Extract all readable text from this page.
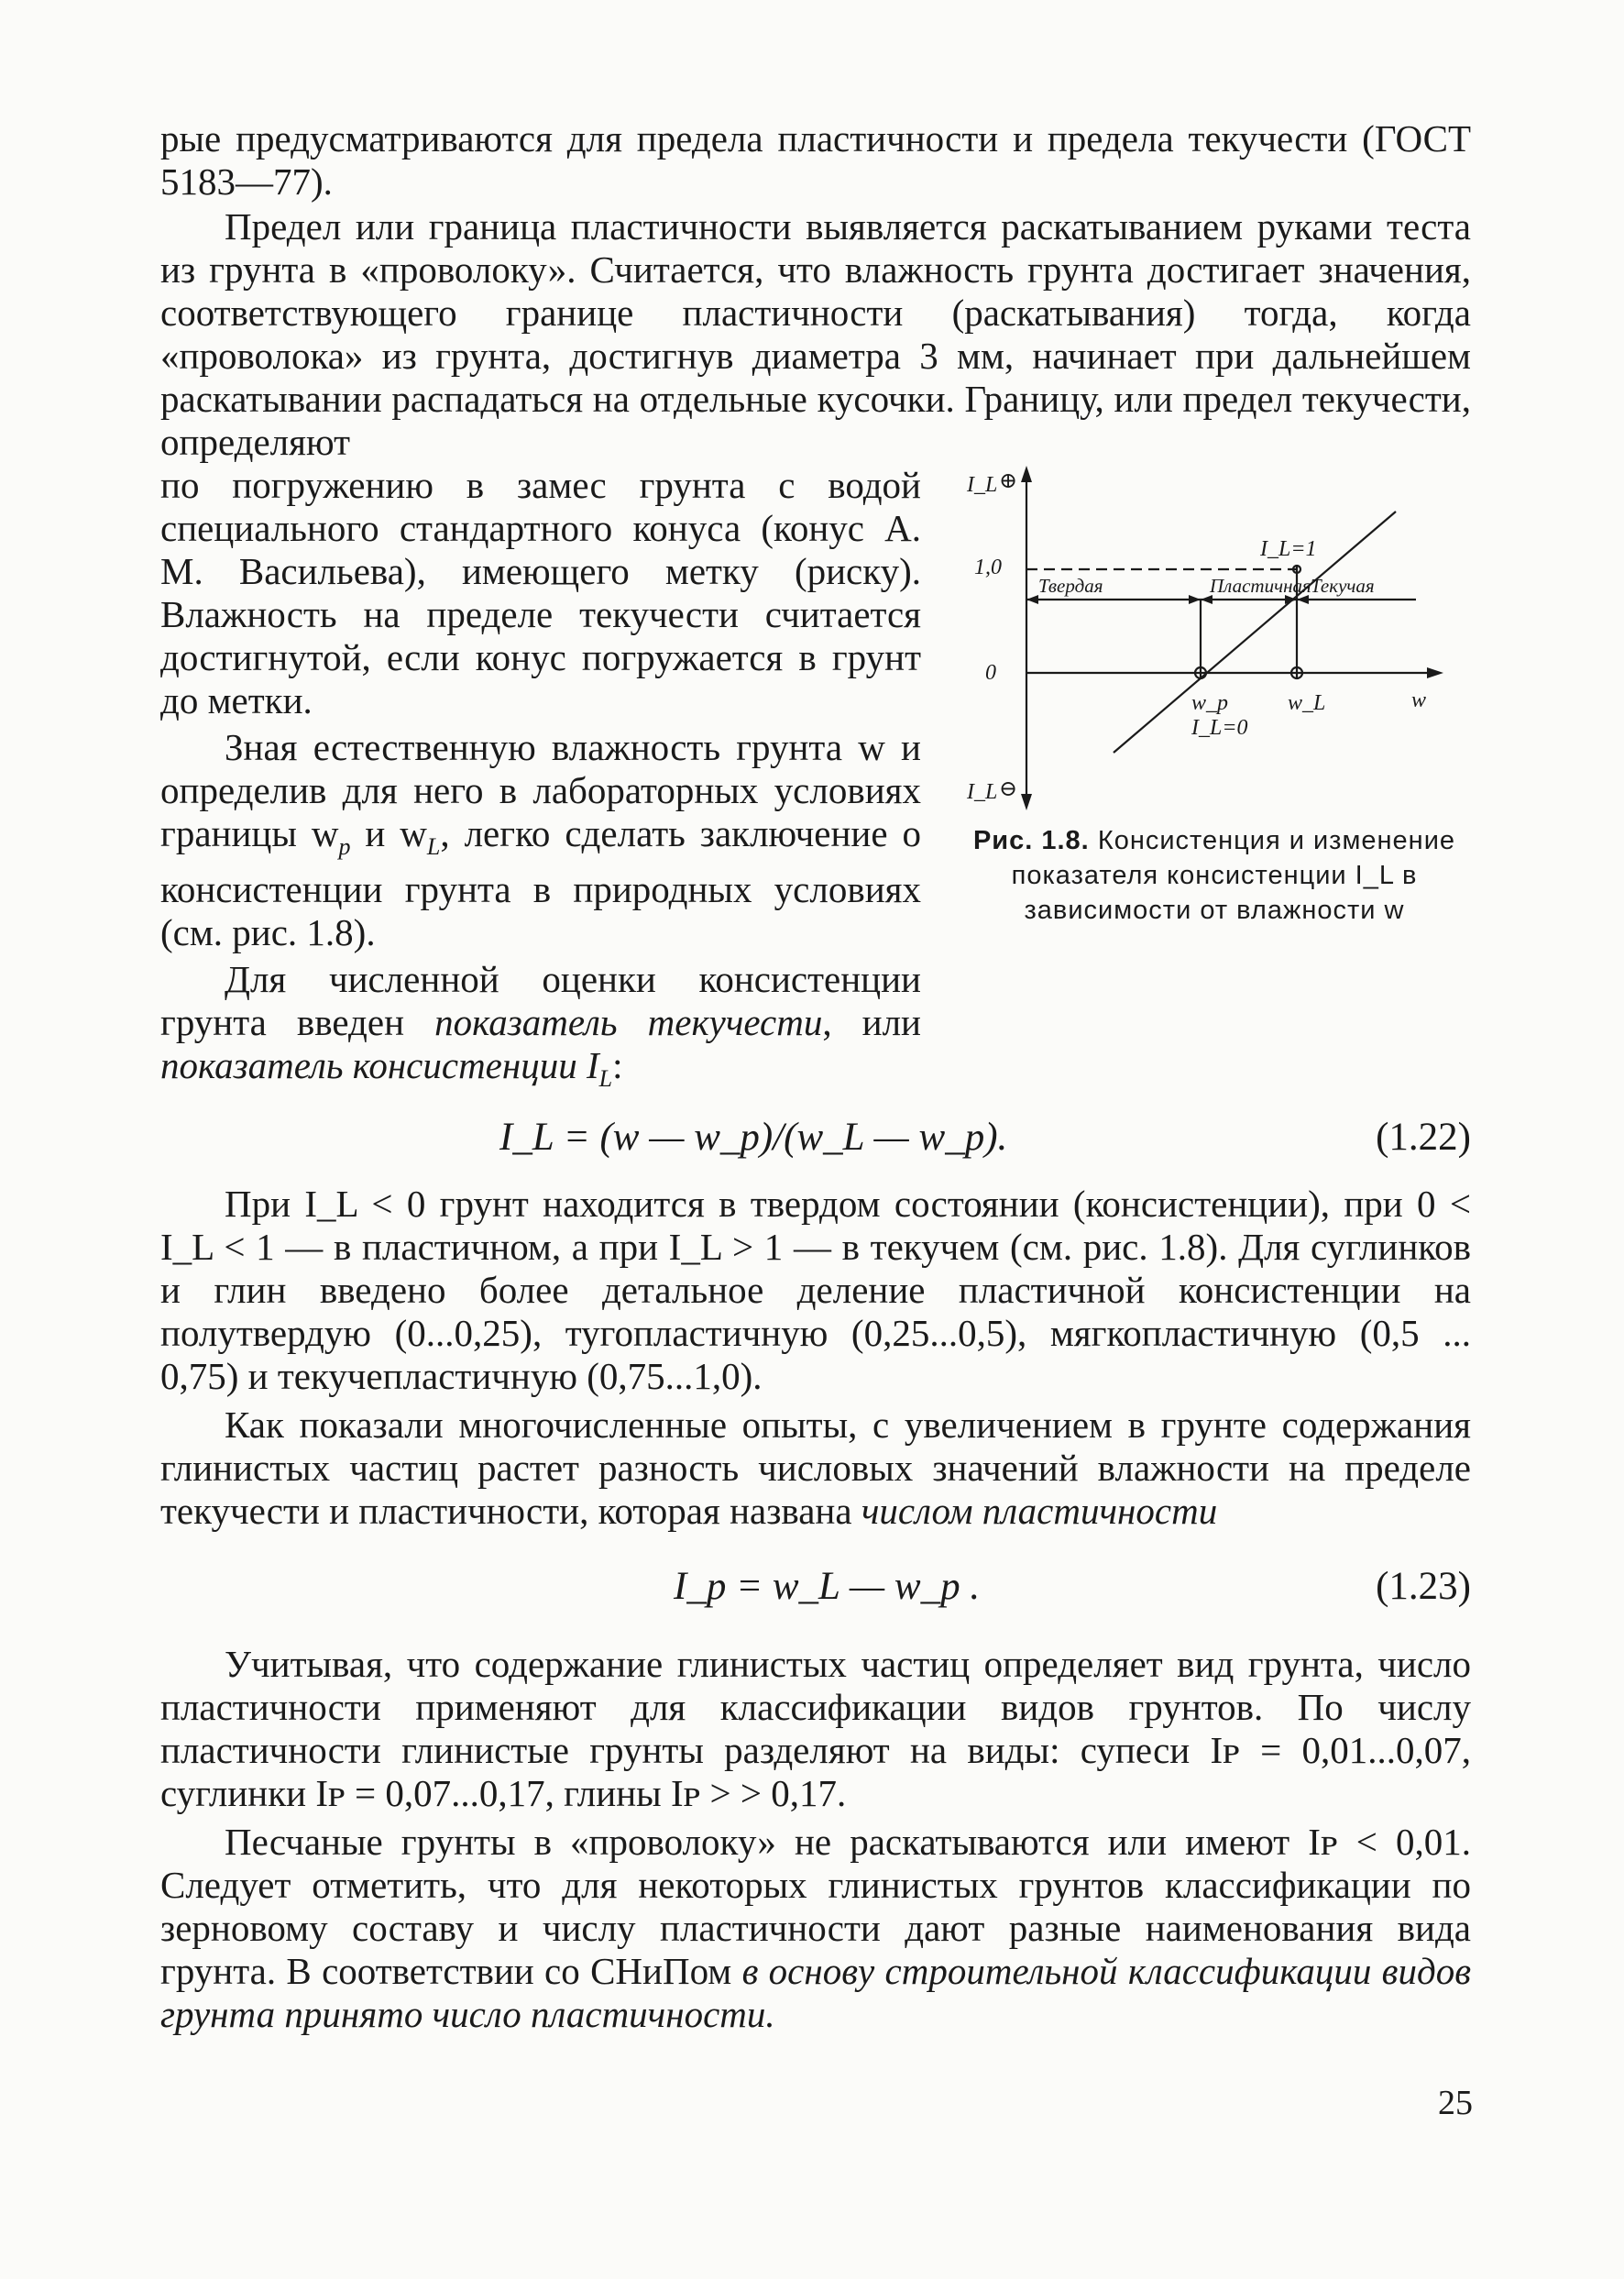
рые предусматриваются для предела пластичности и предела текучести (ГОСТ 5183—77).

Предел или граница пластичности выявляется раскатыванием руками теста из грунта в «проволоку». Считается, что влажность грунта достигает значения, соответствующего границе пластичности (раскатывания) тогда, когда «проволока» из грунта, достигнув диаметра 3 мм, начинает при дальнейшем раскатывании распадаться на отдельные кусочки. Границу, или предел текучести, определяют

по погружению в замес грунта с водой специального стандартного конуса (конус А. М. Васильева), имеющего метку (риску). Влажность на пределе текучести считается достигнутой, если конус погружается в грунт до метки.

Зная естественную влажность грунта w и определив для него в лабораторных условиях границы $w_p$ и $w_L$, легко сделать заключение о консистенции грунта в природных условиях (см. рис. 1.8).

Для численной оценки консистенции грунта введен показатель текучести, или показатель консистенции $I_L$:

I_L ⊕
I_L ⊖
1,0
0
I_L=1
w_p
I_L=0
w_L	w
Твердая	Пластичная Текучая
Рис. 1.8. Консистенция и изменение показателя консистенции I_L в зависимости от влажности w
I_L = (w — w_p)/(w_L — w_p).	(1.22)

При I_L < 0 грунт находится в твердом состоянии (консистенции), при 0 < I_L < 1 — в пластичном, а при I_L > 1 — в текучем (см. рис. 1.8). Для суглинков и глин введено более детальное деление пластичной консистенции на полутвердую (0...0,25), тугопластичную (0,25...0,5), мягкопластичную (0,5 ... 0,75) и текучепластичную (0,75...1,0).

Как показали многочисленные опыты, с увеличением в грунте содержания глинистых частиц растет разность числовых значений влажности на пределе текучести и пластичности, которая названа числом пластичности

I_p = w_L — w_p .	(1.23)

Учитывая, что содержание глинистых частиц определяет вид грунта, число пластичности применяют для классификации видов грунтов. По числу пластичности глинистые грунты разделяют на виды: супеси Iᴘ = 0,01...0,07, суглинки Iᴘ = 0,07...0,17, глины Iᴘ > > 0,17.

Песчаные грунты в «проволоку» не раскатываются или имеют Iᴘ < 0,01. Следует отметить, что для некоторых глинистых грунтов классификации по зерновому составу и числу пластичности дают разные наименования вида грунта. В соответствии со СНиПом в основу строительной классификации видов грунта принято число пластичности.

25
